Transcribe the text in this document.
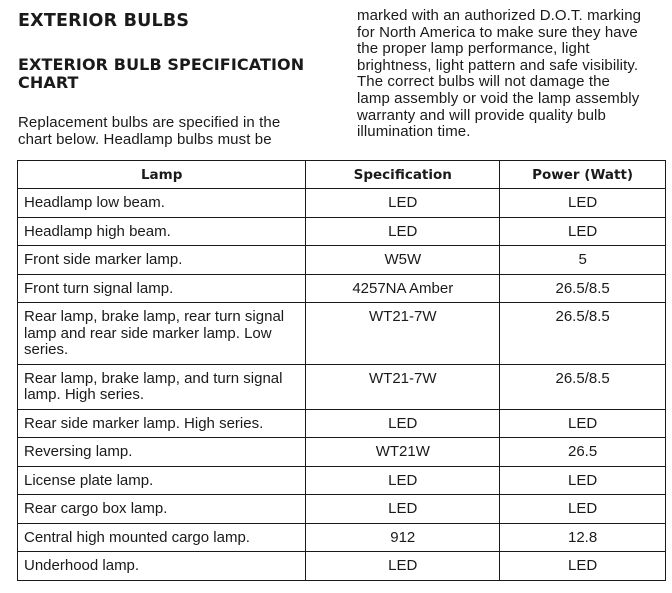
EXTERIOR BULBS
EXTERIOR BULB SPECIFICATION
CHART
Replacement bulbs are specified in the
chart below. Headlamp bulbs must be
marked with an authorized D.O.T. marking
for North America to make sure they have
the proper lamp performance, light
brightness, light pattern and safe visibility.
The correct bulbs will not damage the
lamp assembly or void the lamp assembly
warranty and will provide quality bulb
illumination time.
Lamp	Specification	Power (Watt)

Headlamp low beam.	LED	LED

Headlamp high beam.	LED	LED

Front side marker lamp.	W5W	5

Front turn signal lamp.	4257NA Amber	26.5/8.5

Rear lamp, brake lamp, rear turn signal
lamp and rear side marker lamp. Low
series.	WT21-7W	26.5/8.5

Rear lamp, brake lamp, and turn signal
lamp. High series.	WT21-7W	26.5/8.5

Rear side marker lamp. High series.	LED	LED

Reversing lamp.	WT21W	26.5

License plate lamp.	LED	LED

Rear cargo box lamp.	LED	LED

Central high mounted cargo lamp.	912	12.8

Underhood lamp.	LED	LED
